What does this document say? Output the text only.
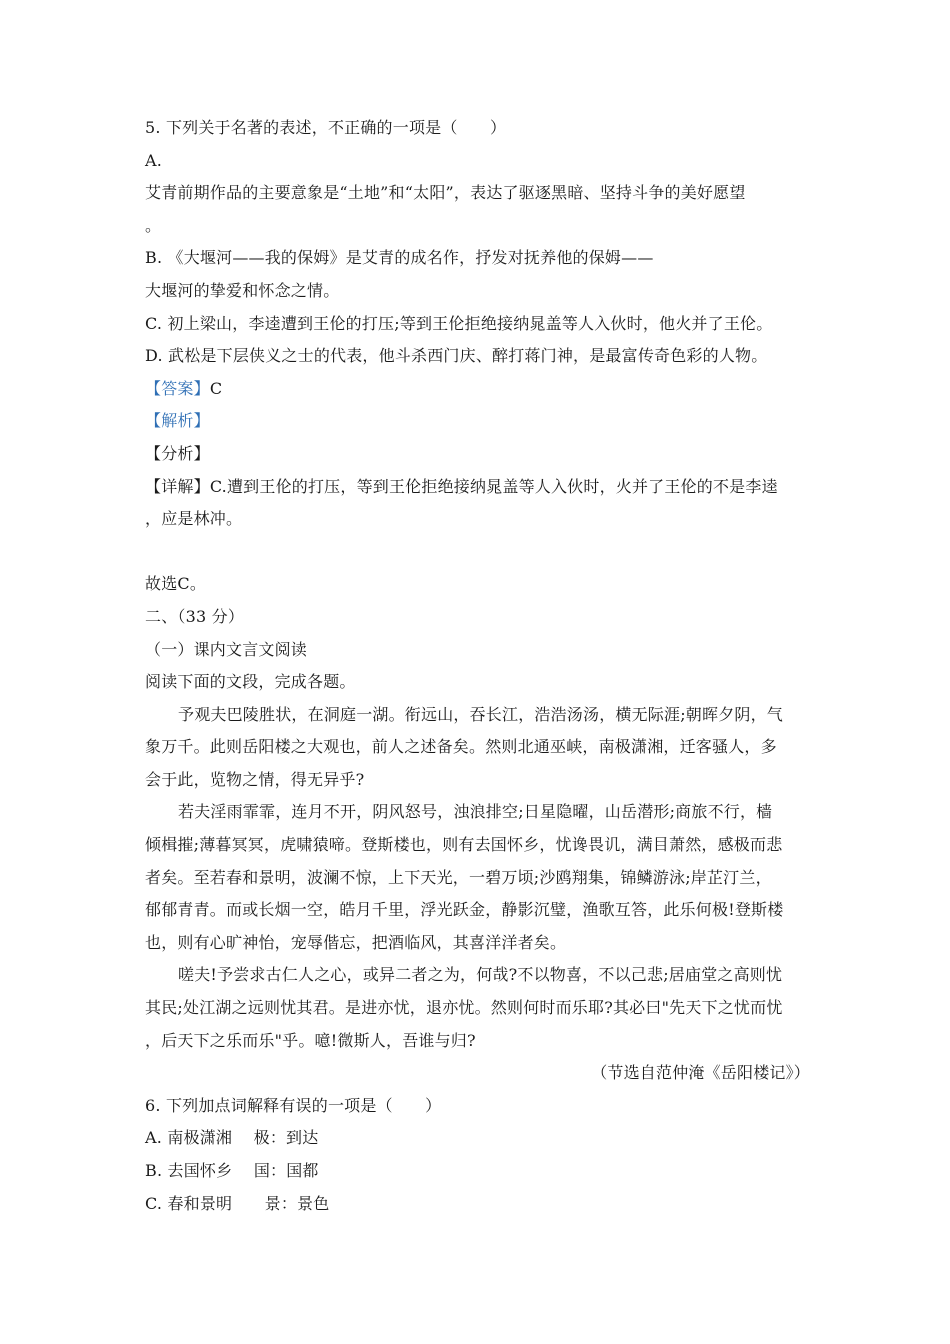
5. 下列关于名著的表述，不正确的一项是（　　）
A.
艾青前期作品的主要意象是“土地”和“太阳”，表达了驱逐黑暗、坚持斗争的美好愿望
。
B. 《大堰河——我的保姆》是艾青的成名作，抒发对抚养他的保姆——
大堰河的挚爱和怀念之情。
C. 初上梁山，李逵遭到王伦的打压;等到王伦拒绝接纳晁盖等人入伙时，他火并了王伦。
D. 武松是下层侠义之士的代表，他斗杀西门庆、醉打蒋门神，是最富传奇色彩的人物。
【答案】C
【解析】
【分析】
【详解】C.遭到王伦的打压，等到王伦拒绝接纳晁盖等人入伙时，火并了王伦的不是李逵
，应是林冲。
故选C。
二、（33 分）
（一）课内文言文阅读
阅读下面的文段，完成各题。
予观夫巴陵胜状，在洞庭一湖。衔远山，吞长江，浩浩汤汤，横无际涯;朝晖夕阴，气
象万千。此则岳阳楼之大观也，前人之述备矣。然则北通巫峡，南极潇湘，迁客骚人，多
会于此，览物之情，得无异乎?
若夫淫雨霏霏，连月不开，阴风怒号，浊浪排空;日星隐曜，山岳潜形;商旅不行，樯
倾楫摧;薄暮冥冥，虎啸猿啼。登斯楼也，则有去国怀乡，忧谗畏讥，满目萧然，感极而悲
者矣。至若春和景明，波澜不惊，上下天光，一碧万顷;沙鸥翔集，锦鳞游泳;岸芷汀兰，
郁郁青青。而或长烟一空，皓月千里，浮光跃金，静影沉璧，渔歌互答，此乐何极!登斯楼
也，则有心旷神怡，宠辱偕忘，把酒临风，其喜洋洋者矣。
嗟夫!予尝求古仁人之心，或异二者之为，何哉?不以物喜，不以己悲;居庙堂之高则忧
其民;处江湖之远则忧其君。是进亦忧，退亦忧。然则何时而乐耶?其必曰"先天下之忧而忧
，后天下之乐而乐"乎。噫!微斯人，吾谁与归?
（节选自范仲淹《岳阳楼记》）
6. 下列加点词解释有误的一项是（　　）
A. 南极潇湘　 极：到达
B. 去国怀乡　 国：国都
C. 春和景明　　景：景色
